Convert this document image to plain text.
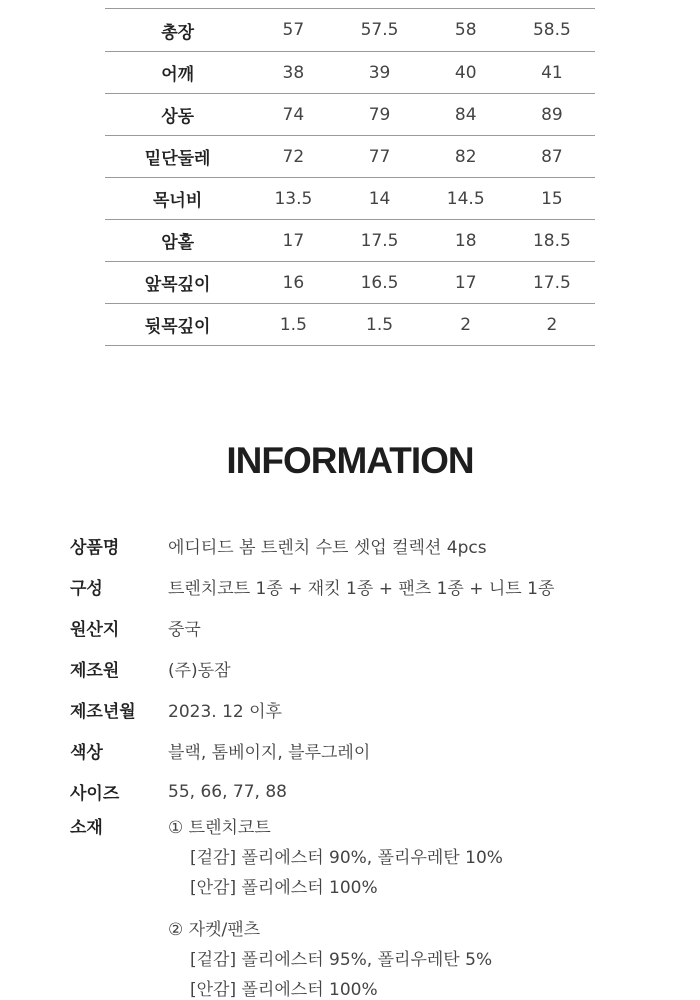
총장	57	57.5	58	58.5
어깨	38	39	40	41
상동	74	79	84	89
밑단둘레	72	77	82	87
목너비	13.5	14	14.5	15
암홀	17	17.5	18	18.5
앞목깊이	16	16.5	17	17.5
뒷목깊이	1.5	1.5	2	2
INFORMATION
상품명	에디티드 봄 트렌치 수트 셋업 컬렉션 4pcs
구성	트렌치코트 1종 + 재킷 1종 + 팬츠 1종 + 니트 1종
원산지	중국
제조원	(주)동잠
제조년월	2023. 12 이후
색상	블랙, 톰베이지, 블루그레이
사이즈	55, 66, 77, 88
소재	① 트렌치코트
[겉감] 폴리에스터 90%, 폴리우레탄 10%
[안감] 폴리에스터 100%
② 자켓/팬츠
[겉감] 폴리에스터 95%, 폴리우레탄 5%
[안감] 폴리에스터 100%
